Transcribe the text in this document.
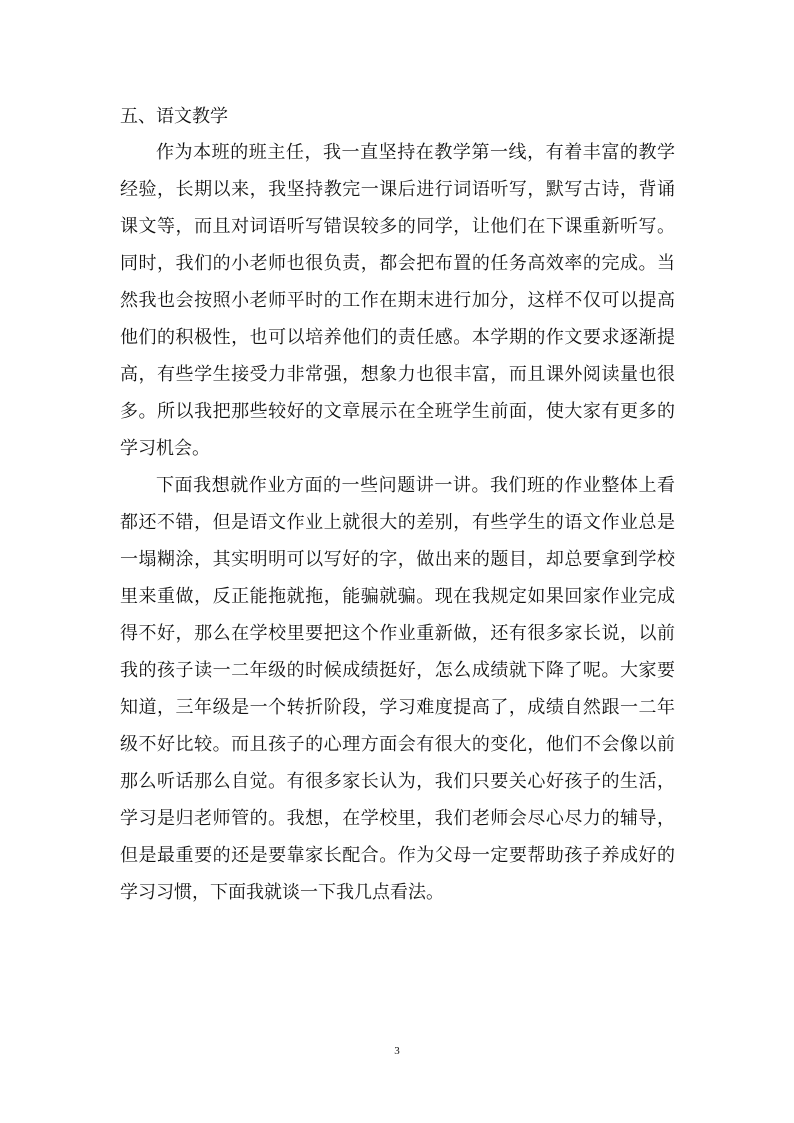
五、语文教学

作为本班的班主任，我一直坚持在教学第一线，有着丰富的教学经验，长期以来，我坚持教完一课后进行词语听写，默写古诗，背诵课文等，而且对词语听写错误较多的同学，让他们在下课重新听写。同时，我们的小老师也很负责，都会把布置的任务高效率的完成。当然我也会按照小老师平时的工作在期末进行加分，这样不仅可以提高他们的积极性，也可以培养他们的责任感。本学期的作文要求逐渐提高，有些学生接受力非常强，想象力也很丰富，而且课外阅读量也很多。所以我把那些较好的文章展示在全班学生前面，使大家有更多的学习机会。

下面我想就作业方面的一些问题讲一讲。我们班的作业整体上看都还不错，但是语文作业上就很大的差别，有些学生的语文作业总是一塌糊涂，其实明明可以写好的字，做出来的题目，却总要拿到学校里来重做，反正能拖就拖，能骗就骗。现在我规定如果回家作业完成得不好，那么在学校里要把这个作业重新做，还有很多家长说，以前我的孩子读一二年级的时候成绩挺好，怎么成绩就下降了呢。大家要知道，三年级是一个转折阶段，学习难度提高了，成绩自然跟一二年级不好比较。而且孩子的心理方面会有很大的变化，他们不会像以前那么听话那么自觉。有很多家长认为，我们只要关心好孩子的生活，学习是归老师管的。我想，在学校里，我们老师会尽心尽力的辅导，但是最重要的还是要靠家长配合。作为父母一定要帮助孩子养成好的学习习惯，下面我就谈一下我几点看法。

3
